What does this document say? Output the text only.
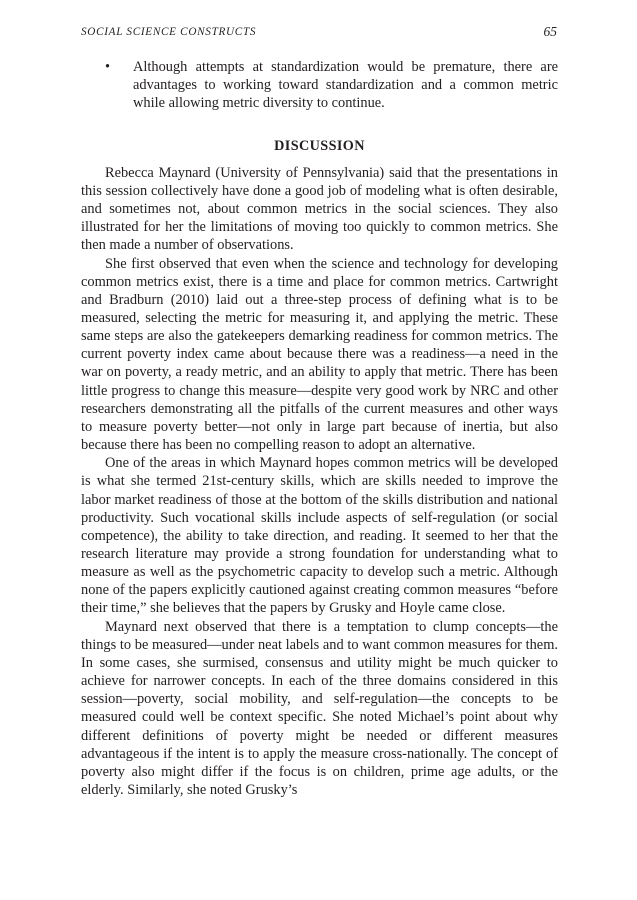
SOCIAL SCIENCE CONSTRUCTS	65
• Although attempts at standardization would be premature, there are advantages to working toward standardization and a common metric while allowing metric diversity to continue.
DISCUSSION

Rebecca Maynard (University of Pennsylvania) said that the presentations in this session collectively have done a good job of modeling what is often desirable, and sometimes not, about common metrics in the social sciences. They also illustrated for her the limitations of moving too quickly to common metrics. She then made a number of observations.

She first observed that even when the science and technology for developing common metrics exist, there is a time and place for common metrics. Cartwright and Bradburn (2010) laid out a three-step process of defining what is to be measured, selecting the metric for measuring it, and applying the metric. These same steps are also the gatekeepers demarking readiness for common metrics. The current poverty index came about because there was a readiness—a need in the war on poverty, a ready metric, and an ability to apply that metric. There has been little progress to change this measure—despite very good work by NRC and other researchers demonstrating all the pitfalls of the current measures and other ways to measure poverty better—not only in large part because of inertia, but also because there has been no compelling reason to adopt an alternative.

One of the areas in which Maynard hopes common metrics will be developed is what she termed 21st-century skills, which are skills needed to improve the labor market readiness of those at the bottom of the skills distribution and national productivity. Such vocational skills include aspects of self-regulation (or social competence), the ability to take direction, and reading. It seemed to her that the research literature may provide a strong foundation for understanding what to measure as well as the psychometric capacity to develop such a metric. Although none of the papers explicitly cautioned against creating common measures “before their time,” she believes that the papers by Grusky and Hoyle came close.

Maynard next observed that there is a temptation to clump concepts—the things to be measured—under neat labels and to want common measures for them. In some cases, she surmised, consensus and utility might be much quicker to achieve for narrower concepts. In each of the three domains considered in this session—poverty, social mobility, and self-regulation—the concepts to be measured could well be context specific. She noted Michael’s point about why different definitions of poverty might be needed or different measures advantageous if the intent is to apply the measure cross-nationally. The concept of poverty also might differ if the focus is on children, prime age adults, or the elderly. Similarly, she noted Grusky’s
